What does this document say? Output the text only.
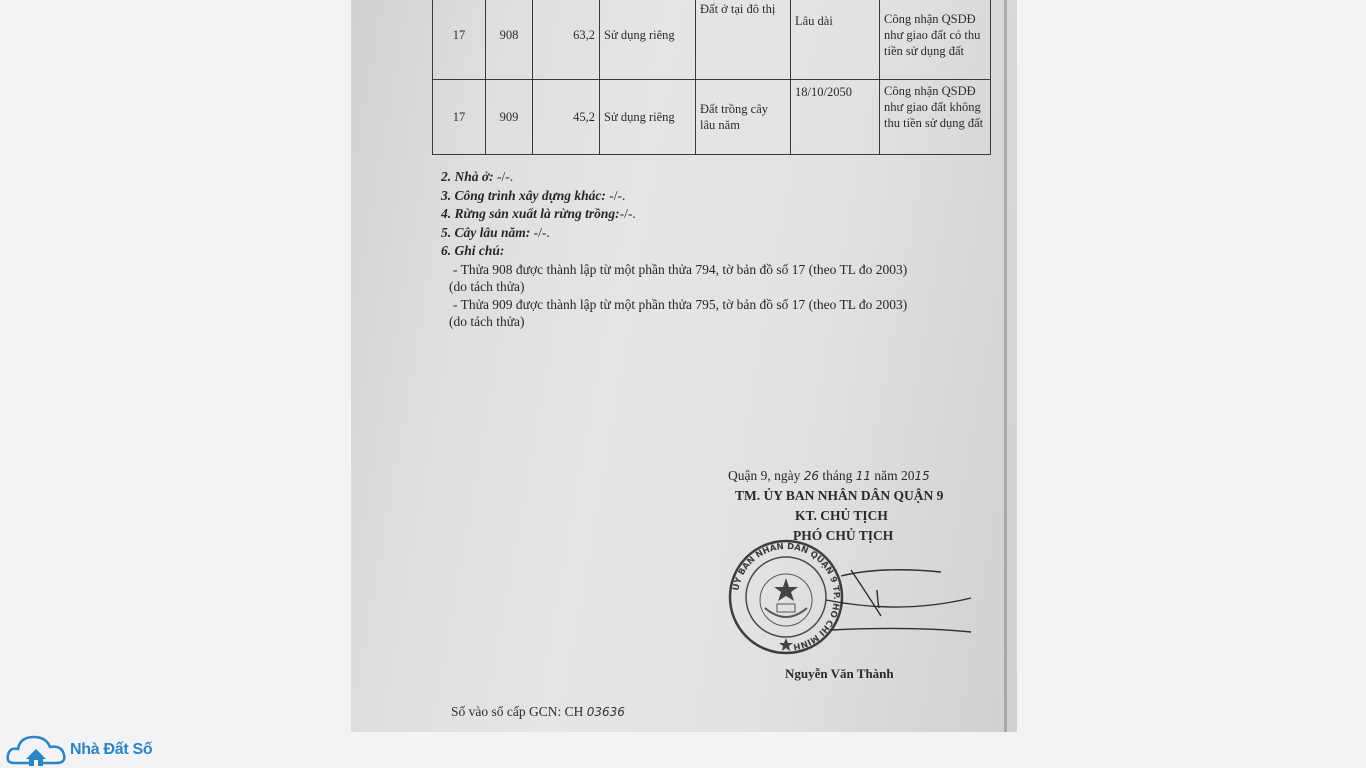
17	908	63,2	Sử dụng riêng	Đất ở tại đô thị	Lâu dài	Công nhận QSDĐ như giao đất có thu tiền sử dụng đất

17	909	45,2	Sử dụng riêng	Đất trồng cây lâu năm	18/10/2050	Công nhận QSDĐ như giao đất không thu tiền sử dụng đất
2. Nhà ở: -/-.
3. Công trình xây dựng khác: -/-.
4. Rừng sản xuất là rừng trồng:-/-.
5. Cây lâu năm: -/-.
6. Ghi chú:
- Thửa 908 được thành lập từ một phần thửa 794, tờ bản đồ số 17 (theo TL đo 2003)
(do tách thửa)
- Thửa 909 được thành lập từ một phần thửa 795, tờ bản đồ số 17 (theo TL đo 2003)
(do tách thửa)
Quận 9, ngày 26 tháng 11 năm 2015
TM. ỦY BAN NHÂN DÂN QUẬN 9
KT. CHỦ TỊCH
PHÓ CHỦ TỊCH
Nguyễn Văn Thành
ỦY BAN NHÂN DÂN QUẬN 9 TP. HỒ CHÍ MINH
Số vào sổ cấp GCN: CH 03636
Nhà Đất Số
